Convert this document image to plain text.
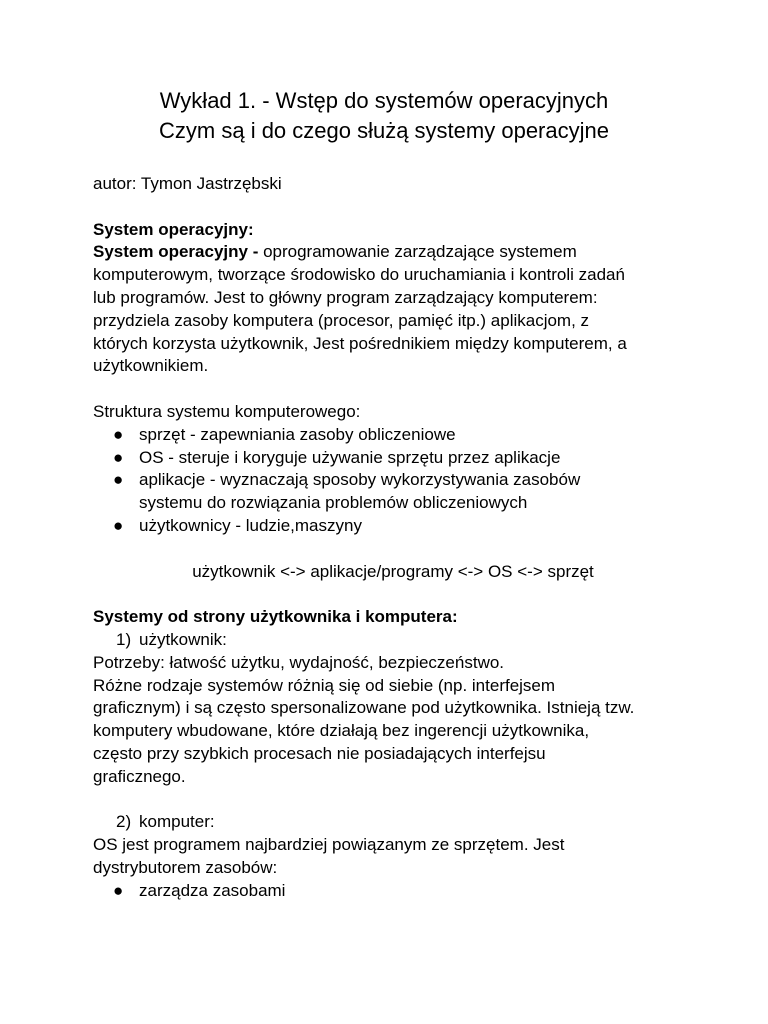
Wykład 1. - Wstęp do systemów operacyjnych
Czym są i do czego służą systemy operacyjne

autor: Tymon Jastrzębski

System operacyjny:

System operacyjny - oprogramowanie zarządzające systemem

komputerowym, tworzące środowisko do uruchamiania i kontroli zadań

lub programów. Jest to główny program zarządzający komputerem:

przydziela zasoby komputera (procesor, pamięć itp.) aplikacjom, z

których korzysta użytkownik, Jest pośrednikiem między komputerem, a

użytkownikiem.

Struktura systemu komputerowego:

● sprzęt - zapewniania zasoby obliczeniowe
● OS - steruje i koryguje używanie sprzętu przez aplikacje
● aplikacje - wyznaczają sposoby wykorzystywania zasobów
systemu do rozwiązania problemów obliczeniowych
● użytkownicy - ludzie,maszyny

użytkownik <-> aplikacje/programy <-> OS <-> sprzęt

Systemy od strony użytkownika i komputera:

1) użytkownik:

Potrzeby: łatwość użytku, wydajność, bezpieczeństwo.

Różne rodzaje systemów różnią się od siebie (np. interfejsem

graficznym) i są często spersonalizowane pod użytkownika. Istnieją tzw.

komputery wbudowane, które działają bez ingerencji użytkownika,

często przy szybkich procesach nie posiadających interfejsu

graficznego.

2) komputer:

OS jest programem najbardziej powiązanym ze sprzętem. Jest

dystrybutorem zasobów:

● zarządza zasobami
